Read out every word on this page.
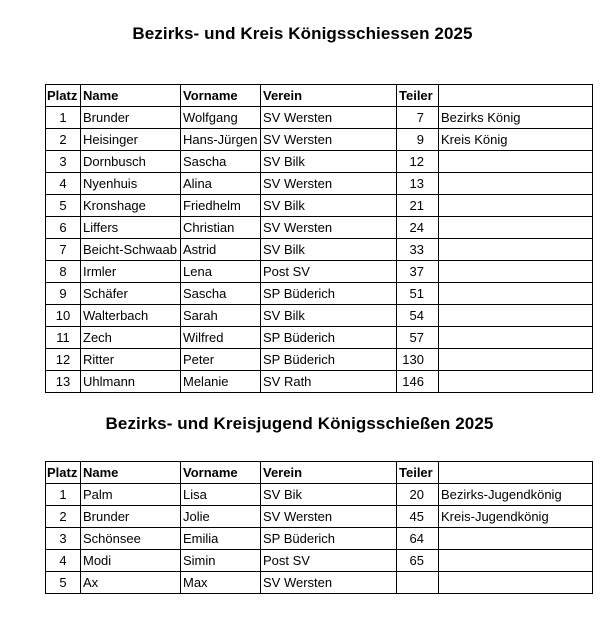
Bezirks- und Kreis Königsschiessen 2025
Platz	Name	Vorname	Verein	Teiler	
1	Brunder	Wolfgang	SV Wersten	7	Bezirks König
2	Heisinger	Hans-Jürgen	SV Wersten	9	Kreis König
3	Dornbusch	Sascha	SV Bilk	12	
4	Nyenhuis	Alina	SV Wersten	13	
5	Kronshage	Friedhelm	SV Bilk	21	
6	Liffers	Christian	SV Wersten	24	
7	Beicht-Schwaab	Astrid	SV Bilk	33	
8	Irmler	Lena	Post SV	37	
9	Schäfer	Sascha	SP Büderich	51	
10	Walterbach	Sarah	SV Bilk	54	
11	Zech	Wilfred	SP Büderich	57	
12	Ritter	Peter	SP Büderich	130	
13	Uhlmann	Melanie	SV Rath	146	
Bezirks- und Kreisjugend Königsschießen 2025
Platz	Name	Vorname	Verein	Teiler	
1	Palm	Lisa	SV Bik	20	Bezirks-Jugendkönig
2	Brunder	Jolie	SV Wersten	45	Kreis-Jugendkönig
3	Schönsee	Emilia	SP Büderich	64	
4	Modi	Simin	Post SV	65	
5	Ax	Max	SV Wersten		
